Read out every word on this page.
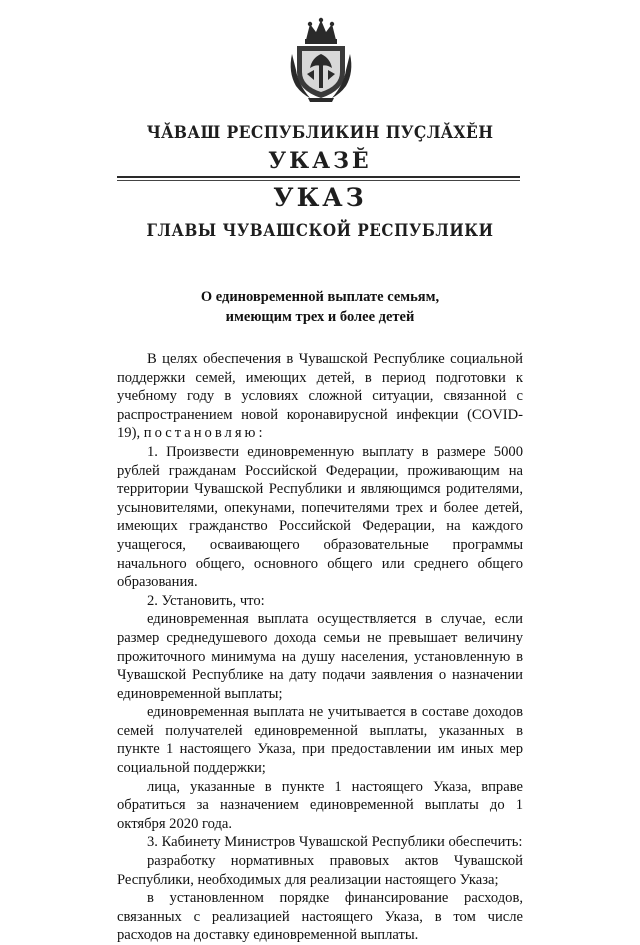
ЧĂВАШ РЕСПУБЛИКИН ПУÇЛĂХĔН
УКАЗĔ
УКАЗ
ГЛАВЫ ЧУВАШСКОЙ РЕСПУБЛИКИ
О единовременной выплате семьям,
имеющим трех и более детей

В целях обеспечения в Чувашской Республике социальной поддержки семей, имеющих детей, в период подготовки к учебному году в условиях сложной ситуации, связанной с распространением новой коронавирусной инфекции (COVID-19), постановляю:

1. Произвести единовременную выплату в размере 5000 рублей гражданам Российской Федерации, проживающим на территории Чувашской Республики и являющимся родителями, усыновителями, опекунами, попечителями трех и более детей, имеющих гражданство Российской Федерации, на каждого учащегося, осваивающего образовательные программы начального общего, основного общего или среднего общего образования.

2. Установить, что:

единовременная выплата осуществляется в случае, если размер среднедушевого дохода семьи не превышает величину прожиточного минимума на душу населения, установленную в Чувашской Республике на дату подачи заявления о назначении единовременной выплаты;

единовременная выплата не учитывается в составе доходов семей получателей единовременной выплаты, указанных в пункте 1 настоящего Указа, при предоставлении им иных мер социальной поддержки;

лица, указанные в пункте 1 настоящего Указа, вправе обратиться за назначением единовременной выплаты до 1 октября 2020 года.

3. Кабинету Министров Чувашской Республики обеспечить:

разработку нормативных правовых актов Чувашской Республики, необходимых для реализации настоящего Указа;

в установленном порядке финансирование расходов, связанных с реализацией настоящего Указа, в том числе расходов на доставку единовременной выплаты.
